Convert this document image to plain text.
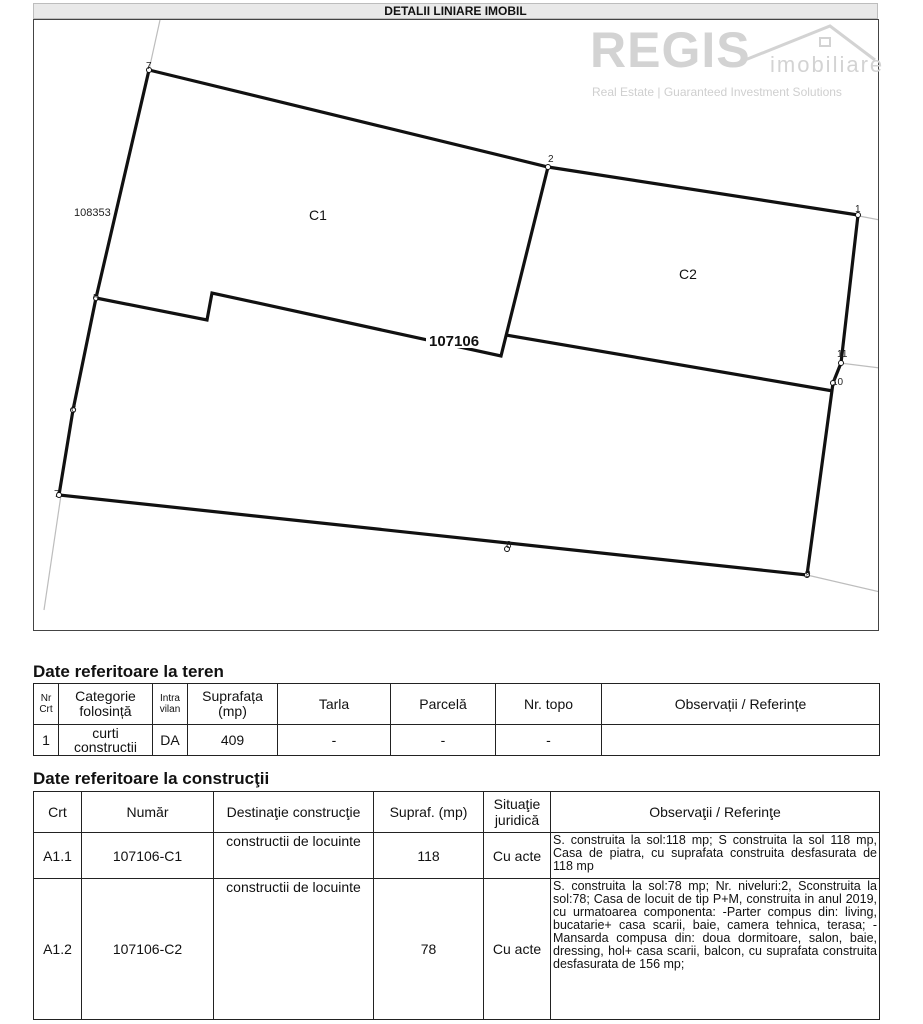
DETALII LINIARE IMOBIL
7
2
1
11
10
9
8
7
6
5
C1
C2
107106
108353
REGIS imobiliare
Real Estate | Guaranteed Investment Solutions
Date referitoare la teren
Nr Crt	Categorie folosință	Intra vilan	Suprafața (mp)	Tarla	Parcelă	Nr. topo	Observații / Referințe
1	curti constructii	DA	409	-	-	-	
Date referitoare la construcţii
Crt	Număr	Destinaţie construcţie	Supraf. (mp)	Situaţie juridică	Observaţii / Referinţe
A1.1	107106-C1	constructii de locuinte	118	Cu acte	S. construita la sol:118 mp; S construita la sol 118 mp, Casa de piatra, cu suprafata construita desfasurata de 118 mp
A1.2	107106-C2	constructii de locuinte	78	Cu acte	S. construita la sol:78 mp; Nr. niveluri:2, Sconstruita la sol:78; Casa de locuit de tip P+M, construita in anul 2019, cu urmatoarea componenta: -Parter compus din: living, bucatarie+ casa scarii, baie, camera tehnica, terasa; - Mansarda compusa din: doua dormitoare, salon, baie, dressing, hol+ casa scarii, balcon, cu suprafata construita desfasurata de 156 mp;
